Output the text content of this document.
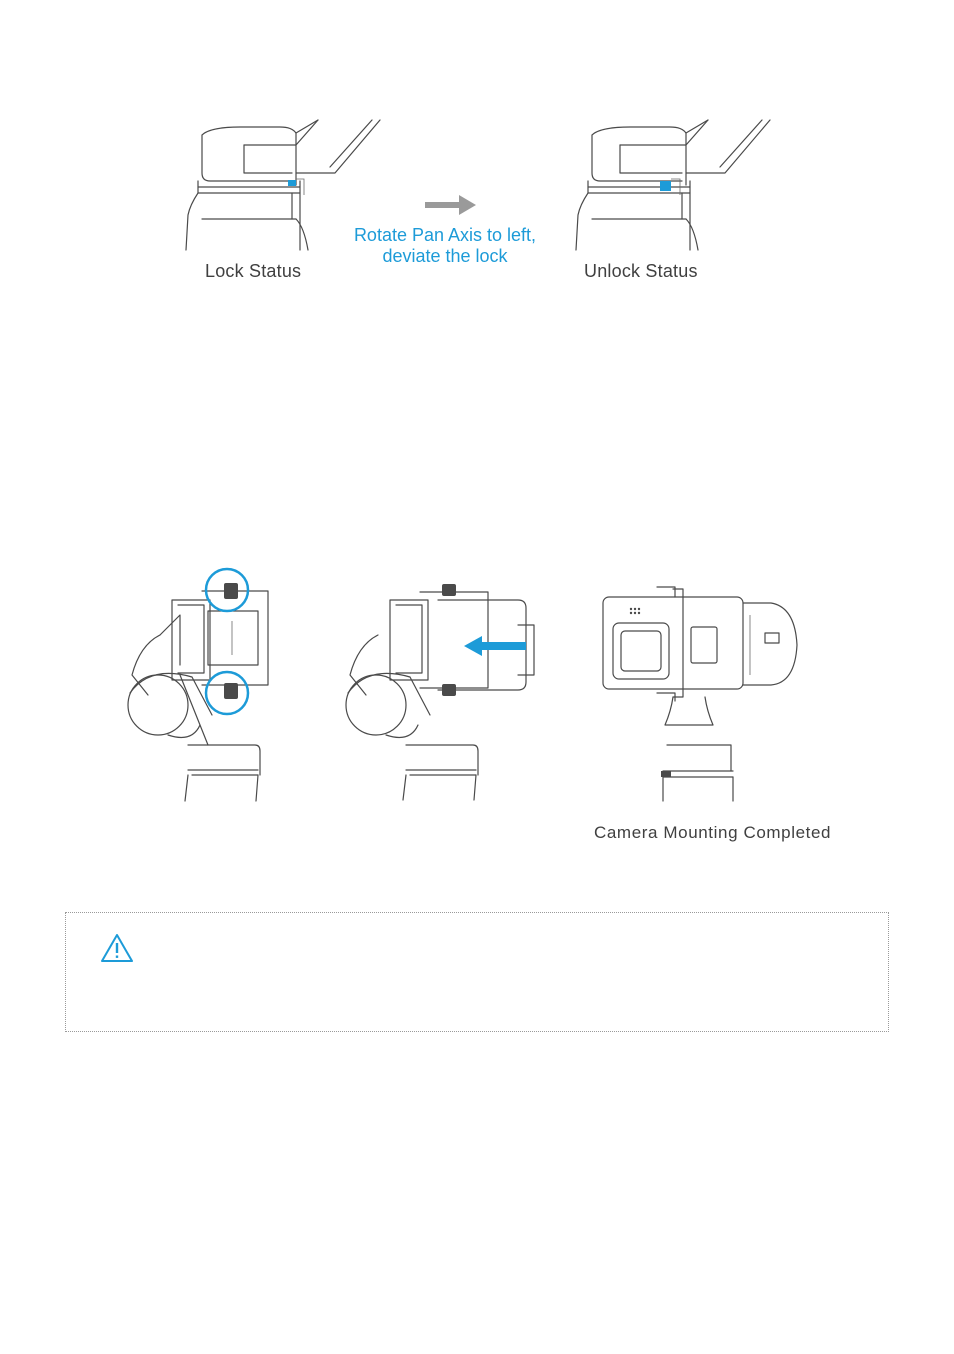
Rotate Pan Axis to left,
deviate the lock
Lock Status	Unlock Status
Camera Mounting Completed
